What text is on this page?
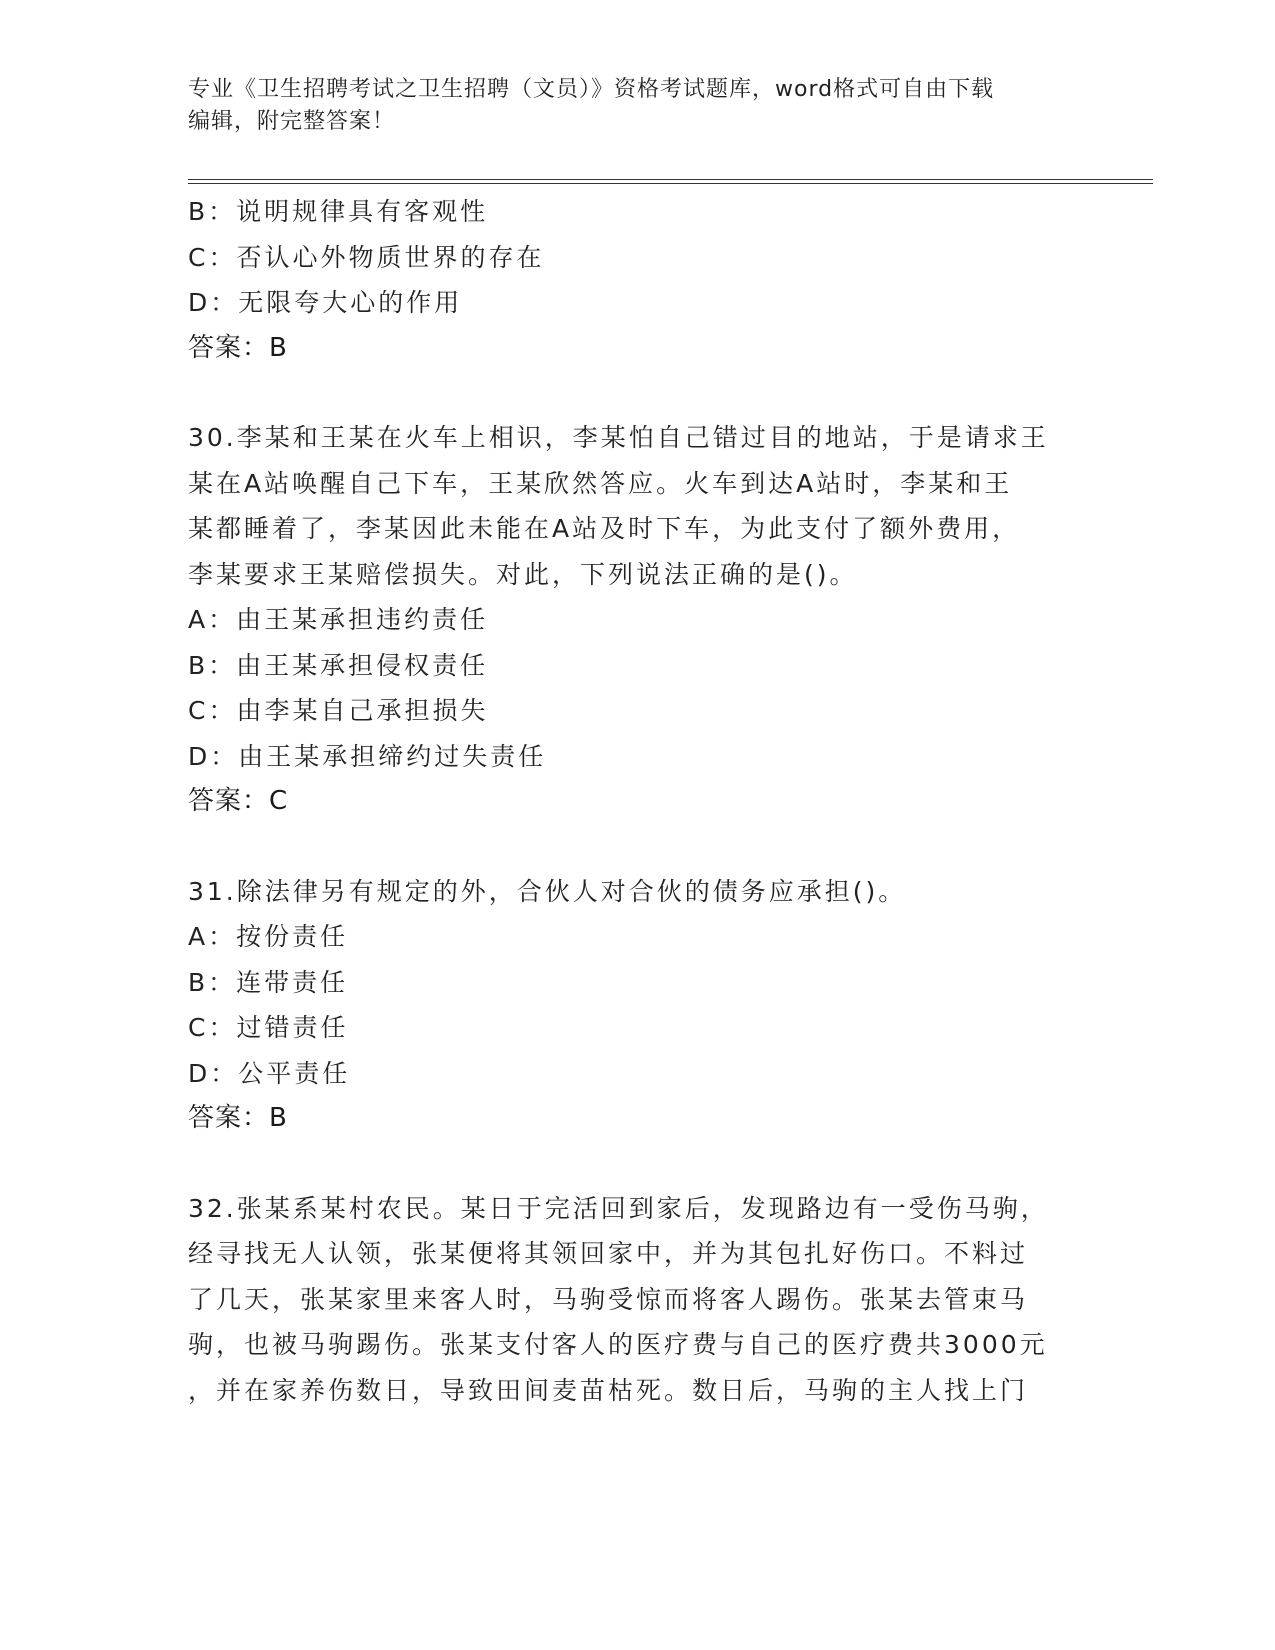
专业《卫生招聘考试之卫生招聘（文员）》资格考试题库，word格式可自由下载
编辑，附完整答案！
B：说明规律具有客观性
C：否认心外物质世界的存在
D：无限夸大心的作用
答案：B
30.李某和王某在火车上相识，李某怕自己错过目的地站，于是请求王
某在A站唤醒自己下车，王某欣然答应。火车到达A站时，李某和王
某都睡着了，李某因此未能在A站及时下车，为此支付了额外费用，
李某要求王某赔偿损失。对此，下列说法正确的是()。
A：由王某承担违约责任
B：由王某承担侵权责任
C：由李某自己承担损失
D：由王某承担缔约过失责任
答案：C
31.除法律另有规定的外，合伙人对合伙的债务应承担()。
A：按份责任
B：连带责任
C：过错责任
D：公平责任
答案：B
32.张某系某村农民。某日于完活回到家后，发现路边有一受伤马驹，
经寻找无人认领，张某便将其领回家中，并为其包扎好伤口。不料过
了几天，张某家里来客人时，马驹受惊而将客人踢伤。张某去管束马
驹，也被马驹踢伤。张某支付客人的医疗费与自己的医疗费共3000元
，并在家养伤数日，导致田间麦苗枯死。数日后，马驹的主人找上门
